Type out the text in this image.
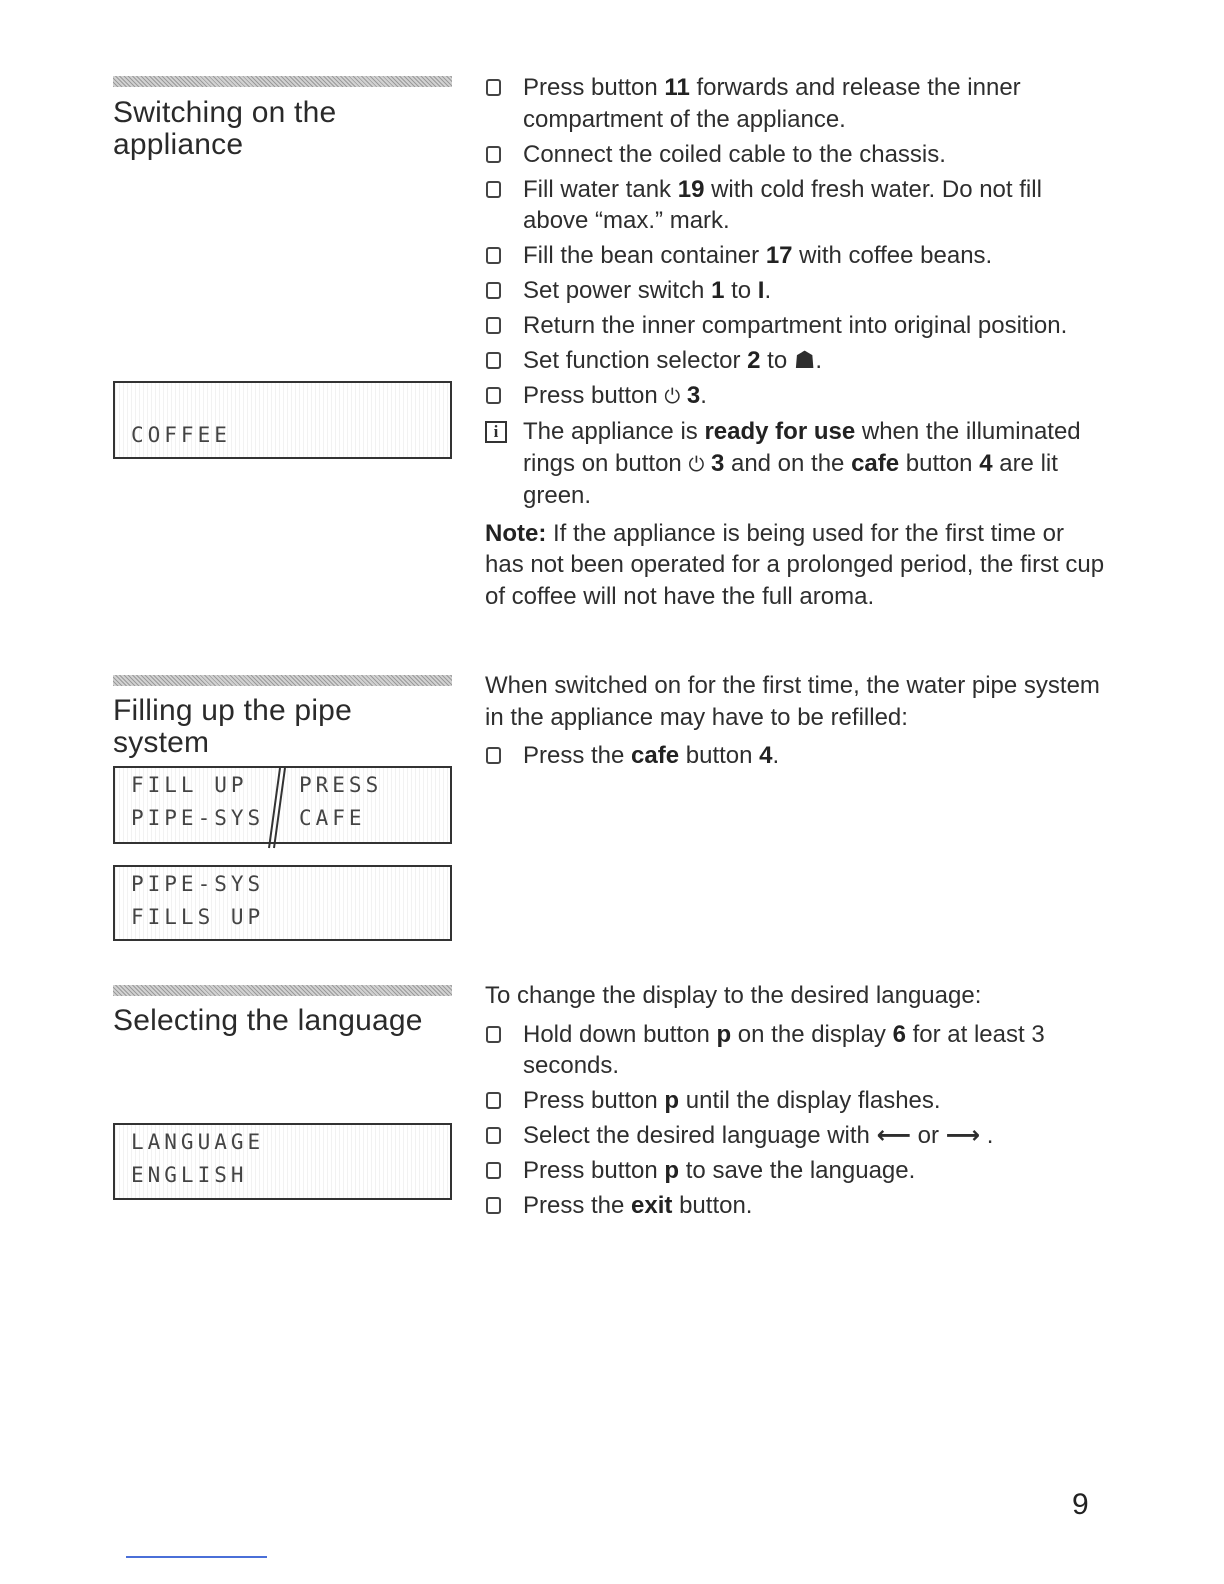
Switching on the
appliance
COFFEE
Press button 11 forwards and release the inner compartment of the appliance.
Connect the coiled cable to the chassis.
Fill water tank 19 with cold fresh water. Do not fill above “max.” mark.
Fill the bean container 17 with coffee beans.
Set power switch 1 to I.
Return the inner compartment into original position.
Set function selector 2 to ☗.
Press button ⏻ 3.
i	The appliance is ready for use when the illuminated rings on button ⏻ 3 and on the cafe button 4 are lit green.
Note: If the appliance is being used for the first time or has not been operated for a prolonged period, the first cup of coffee will not have the full aroma.
Filling up the pipe
system
FILL UP
PIPE-SYS
PRESS
CAFE
PIPE-SYS
FILLS UP
When switched on for the first time, the water pipe system in the appliance may have to be refilled:
Press the cafe button 4.
Selecting the language
LANGUAGE
ENGLISH
To change the display to the desired language:
Hold down button p on the display 6 for at least 3 seconds.
Press button p until the display flashes.
Select the desired language with ⟵ or ⟶ .
Press button p to save the language.
Press the exit button.
9
